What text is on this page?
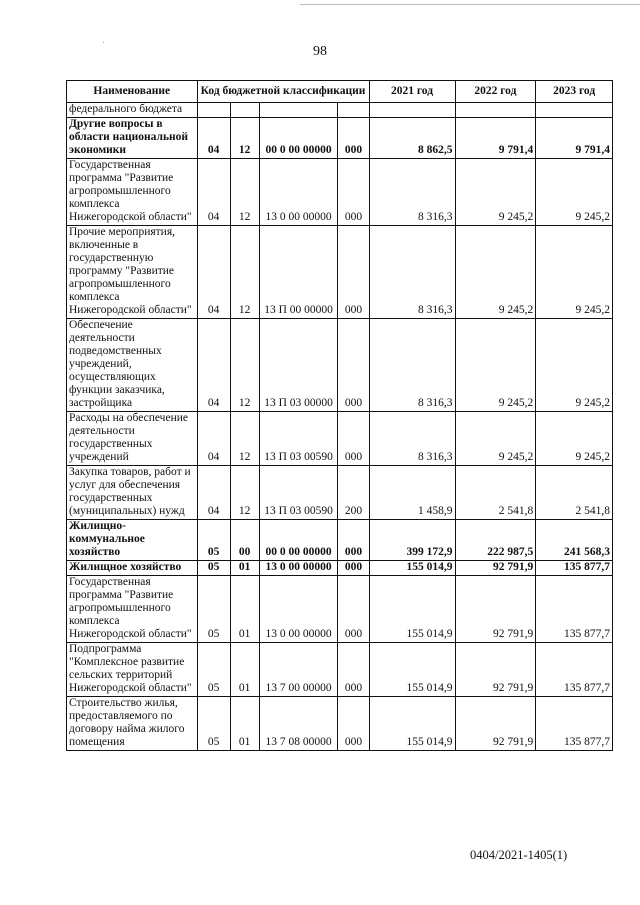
'	98
Наименование	Код бюджетной классификации				2021 год	2022 год	2023 год
федерального бюджета							
Другие вопросы в области национальной экономики	04	12	00 0 00 00000	000	8 862,5	9 791,4	9 791,4
Государственная программа "Развитие агропромышленного комплекса Нижегородской области"	04	12	13 0 00 00000	000	8 316,3	9 245,2	9 245,2
Прочие мероприятия, включенные в государственную программу "Развитие агропромышленного комплекса Нижегородской области"	04	12	13 П 00 00000	000	8 316,3	9 245,2	9 245,2
Обеспечение деятельности подведомственных учреждений, осуществляющих функции заказчика, застройщика	04	12	13 П 03 00000	000	8 316,3	9 245,2	9 245,2
Расходы на обеспечение деятельности государственных учреждений	04	12	13 П 03 00590	000	8 316,3	9 245,2	9 245,2
Закупка товаров, работ и услуг для обеспечения государственных (муниципальных) нужд	04	12	13 П 03 00590	200	1 458,9	2 541,8	2 541,8
Жилищно-коммунальное хозяйство	05	00	00 0 00 00000	000	399 172,9	222 987,5	241 568,3
Жилищное хозяйство	05	01	13 0 00 00000	000	155 014,9	92 791,9	135 877,7
Государственная программа "Развитие агропромышленного комплекса Нижегородской области"	05	01	13 0 00 00000	000	155 014,9	92 791,9	135 877,7
Подпрограмма "Комплексное развитие сельских территорий Нижегородской области"	05	01	13 7 00 00000	000	155 014,9	92 791,9	135 877,7
Строительство жилья, предоставляемого по договору найма жилого помещения	05	01	13 7 08 00000	000	155 014,9	92 791,9	135 877,7
0404/2021-1405(1)
